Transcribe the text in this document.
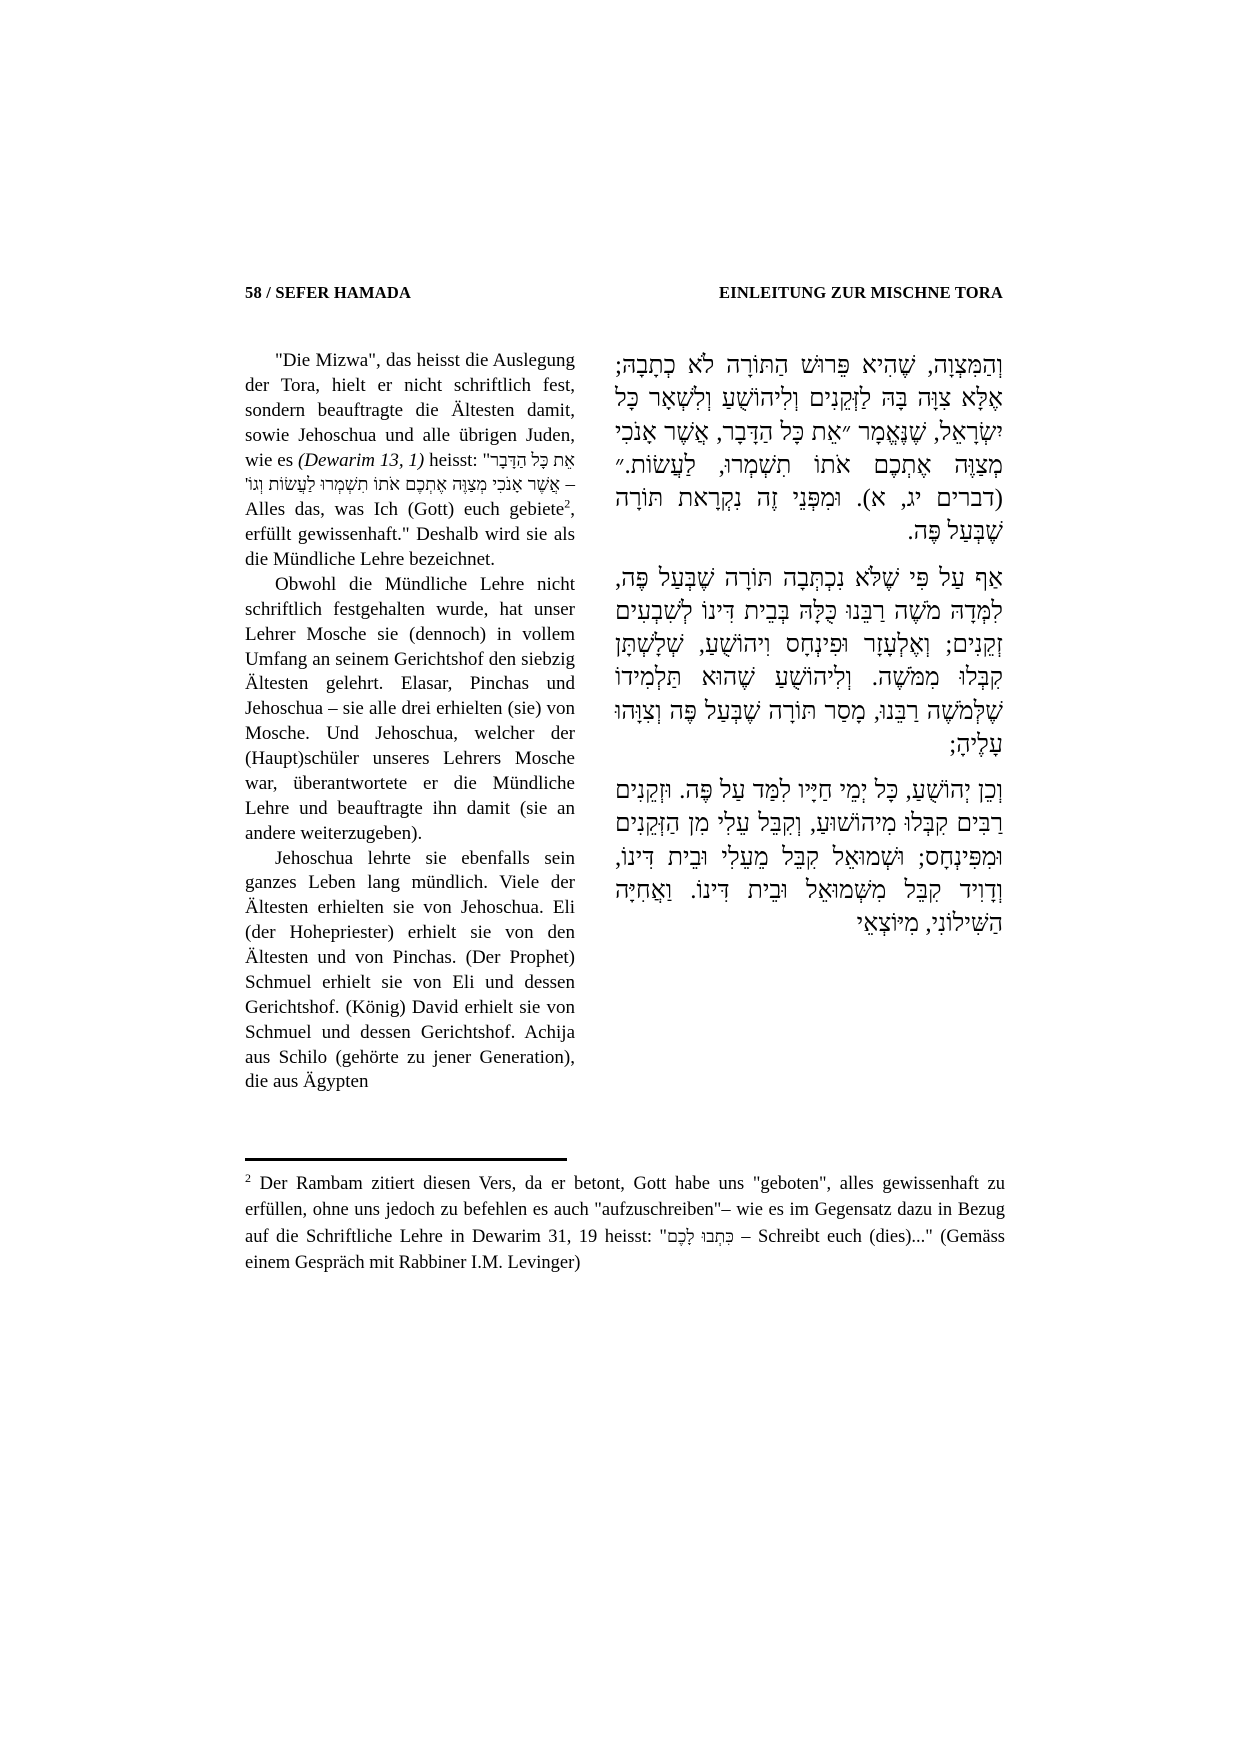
58 / SEFER HAMADA	EINLEITUNG ZUR MISCHNE TORA

"Die Mizwa", das heisst die Auslegung der Tora, hielt er nicht schriftlich fest, sondern beauftragte die Ältesten damit, sowie Jehoschua und alle übrigen Juden, wie es (Dewarim 13, 1) heisst: "אֵת כָּל הַדָּבָר אֲשֶׁר אָנֹכִי מְצַוֶּה אֶתְכֶם אֹתוֹ תִשְׁמְרוּ לַעֲשׂוֹת וְגוֹ' – Alles das, was Ich (Gott) euch gebiete$^2$, erfüllt gewissenhaft." Deshalb wird sie als die Mündliche Lehre bezeichnet.

Obwohl die Mündliche Lehre nicht schriftlich festgehalten wurde, hat unser Lehrer Mosche sie (dennoch) in vollem Umfang an seinem Gerichtshof den siebzig Ältesten gelehrt. Elasar, Pinchas und Jehoschua – sie alle drei erhielten (sie) von Mosche. Und Jehoschua, welcher der (Haupt)schüler unseres Lehrers Mosche war, überantwortete er die Mündliche Lehre und beauftragte ihn damit (sie an andere weiterzugeben).

Jehoschua lehrte sie ebenfalls sein ganzes Leben lang mündlich. Viele der Ältesten erhielten sie von Jehoschua. Eli (der Hohepriester) erhielt sie von den Ältesten und von Pinchas. (Der Prophet) Schmuel erhielt sie von Eli und dessen Gerichtshof. (König) David erhielt sie von Schmuel und dessen Gerichtshof. Achija aus Schilo (gehörte zu jener Generation), die aus Ägypten

וְהַמִּצְוָה, שֶׁהִיא פֵּרוּשׁ הַתּוֹרָה לֹא כְתָבָהּ; אֶלָּא צִוָּה בָּהּ לַזְּקֵנִים וְלִיהוֹשֻׁעַ וְלִשְׁאָר כָּל יִשְׂרָאֵל, שֶׁנֶּאֱמָר ״אֵת כָּל הַדָּבָר, אֲשֶׁר אָנֹכִי מְצַוֶּה אֶתְכֶם אֹתוֹ תִשְׁמְרוּ, לַעֲשׂוֹת.״ (דברים יג, א). וּמִפְּנֵי זֶה נִקְרָאת תּוֹרָה שֶׁבְּעַל פֶּה.

אַף עַל פִּי שֶׁלֹּא נִכְתְּבָה תּוֹרָה שֶׁבְּעַל פֶּה, לִמְּדָהּ מֹשֶׁה רַבֵּנוּ כֻּלָּהּ בְּבֵית דִּינוֹ לְשִׁבְעִים זְקֵנִים; וְאֶלְעָזָר וּפִינְחָס וִיהוֹשֻׁעַ, שְׁלָשְׁתָּן קִבְּלוּ מִמֹּשֶׁה. וְלִיהוֹשֻׁעַ שֶׁהוּא תַּלְמִידוֹ שֶׁלְּמֹשֶׁה רַבֵּנוּ, מָסַר תּוֹרָה שֶׁבְּעַל פֶּה וְצִוָּהוּ עָלֶיהָ;

וְכֵן יְהוֹשֻׁעַ, כָּל יְמֵי חַיָּיו לִמַּד עַל פֶּה. וּזְקֵנִים רַבִּים קִבְּלוּ מִיהוֹשׁוּעַ, וְקִבֵּל עֵלִי מִן הַזְּקֵנִים וּמִפִּינְחָס; וּשְׁמוּאֵל קִבֵּל מֵעֵלִי וּבֵית דִּינוֹ, וְדָוִיד קִבֵּל מִשְּׁמוּאֵל וּבֵית דִּינוֹ. וַאֲחִיָּה הַשִּׁילוֹנִי, מִיּוֹצְאֵי

$^2$ Der Rambam zitiert diesen Vers, da er betont, Gott habe uns "geboten", alles gewissenhaft zu erfüllen, ohne uns jedoch zu befehlen es auch "aufzuschreiben"– wie es im Gegensatz dazu in Bezug auf die Schriftliche Lehre in Dewarim 31, 19 heisst: "כִּתְבוּ לָכֶם – Schreibt euch (dies)..." (Gemäss einem Gespräch mit Rabbiner I.M. Levinger)
